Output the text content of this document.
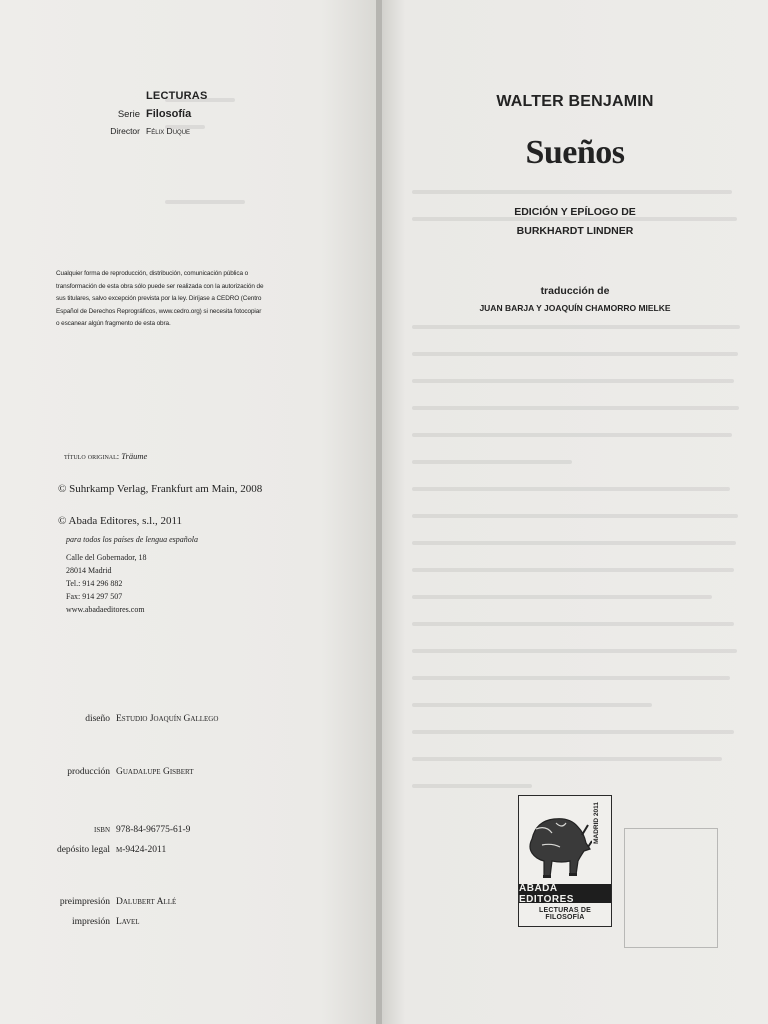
LECTURAS
Serie Filosofía
Director Félix Duque
Cualquier forma de reproducción, distribución, comunicación pública o transformación de esta obra sólo puede ser realizada con la autorización de sus titulares, salvo excepción prevista por la ley. Diríjase a CEDRO (Centro Español de Derechos Reprográficos, www.cedro.org) si necesita fotocopiar o escanear algún fragmento de esta obra.
título original: Träume
© Suhrkamp Verlag, Frankfurt am Main, 2008
© Abada Editores, s.l., 2011
para todos los países de lengua española
Calle del Gobernador, 18
28014 Madrid
Tel.: 914 296 882
Fax: 914 297 507
www.abadaeditores.com
diseño Estudio Joaquín Gallego
producción Guadalupe Gisbert
isbn 978-84-96775-61-9
depósito legal m-9424-2011
preimpresión Dalubert Allé
impresión Lavel
WALTER BENJAMIN
Sueños
EDICIÓN Y EPÍLOGO DE
BURKHARDT LINDNER
traducción de
JUAN BARJA Y JOAQUÍN CHAMORRO MIELKE
MADRID 2011
ABADA EDITORES
LECTURAS DE FILOSOFÍA
